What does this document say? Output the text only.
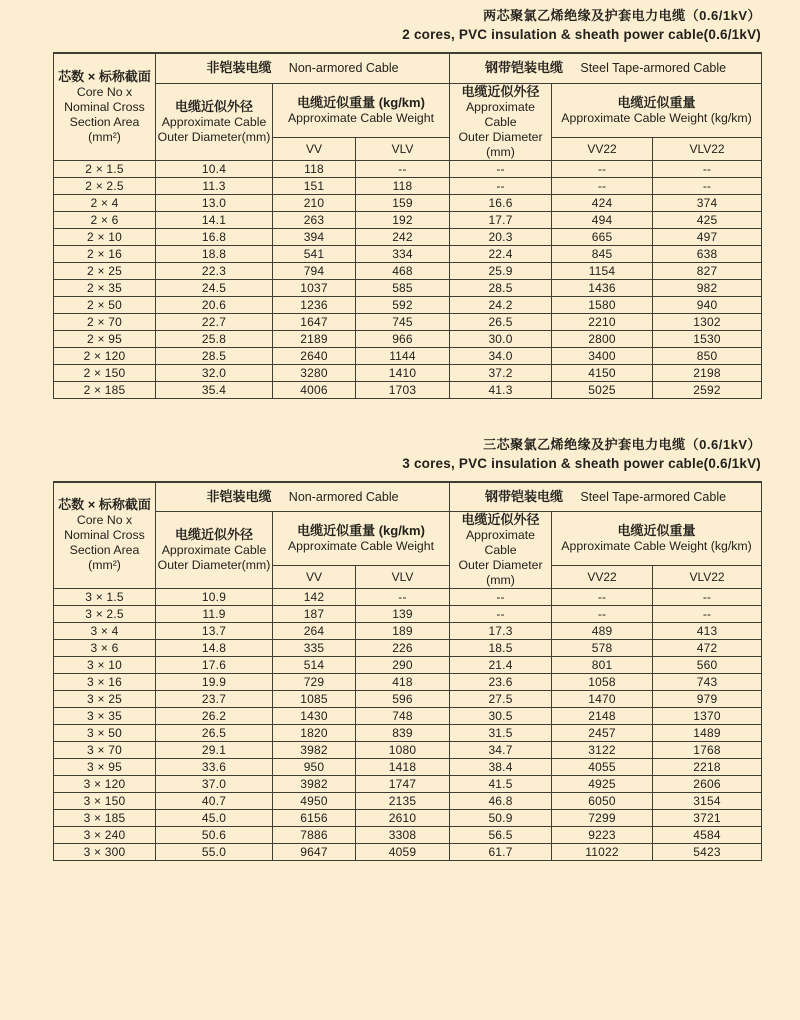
两芯聚氯乙烯绝缘及护套电力电缆（0.6/1kV）
2 cores, PVC insulation & sheath power cable(0.6/1kV)
芯数 × 标称截面
Core No x
Nominal Cross
Section Area
(mm²)	非铠装电缆 Non-armored Cable			钢带铠装电缆 Steel Tape-armored Cable		

电缆近似外径
Approximate Cable
Outer Diameter(mm)

电缆近似重量 (kg/km)
Approximate Cable Weight

电缆近似外径
Approximate Cable
Outer Diameter
(mm)

电缆近似重量
Approximate Cable Weight (kg/km)

		VV	VLV		VV22	VLV22
2 × 1.5	10.4	118	--	--	--	--
2 × 2.5	11.3	151	118	--	--	--
2 × 4	13.0	210	159	16.6	424	374
2 × 6	14.1	263	192	17.7	494	425
2 × 10	16.8	394	242	20.3	665	497
2 × 16	18.8	541	334	22.4	845	638
2 × 25	22.3	794	468	25.9	1154	827
2 × 35	24.5	1037	585	28.5	1436	982
2 × 50	20.6	1236	592	24.2	1580	940
2 × 70	22.7	1647	745	26.5	2210	1302
2 × 95	25.8	2189	966	30.0	2800	1530
2 × 120	28.5	2640	1144	34.0	3400	850
2 × 150	32.0	3280	1410	37.2	4150	2198
2 × 185	35.4	4006	1703	41.3	5025	2592
三芯聚氯乙烯绝缘及护套电力电缆（0.6/1kV）
3 cores, PVC insulation & sheath power cable(0.6/1kV)
芯数 × 标称截面
Core No x
Nominal Cross
Section Area
(mm²)	非铠装电缆 Non-armored Cable			钢带铠装电缆 Steel Tape-armored Cable		

电缆近似外径
Approximate Cable
Outer Diameter(mm)

电缆近似重量 (kg/km)
Approximate Cable Weight

电缆近似外径
Approximate Cable
Outer Diameter
(mm)

电缆近似重量
Approximate Cable Weight (kg/km)

		VV	VLV		VV22	VLV22
3 × 1.5	10.9	142	--	--	--	--
3 × 2.5	11.9	187	139	--	--	--
3 × 4	13.7	264	189	17.3	489	413
3 × 6	14.8	335	226	18.5	578	472
3 × 10	17.6	514	290	21.4	801	560
3 × 16	19.9	729	418	23.6	1058	743
3 × 25	23.7	1085	596	27.5	1470	979
3 × 35	26.2	1430	748	30.5	2148	1370
3 × 50	26.5	1820	839	31.5	2457	1489
3 × 70	29.1	3982	1080	34.7	3122	1768
3 × 95	33.6	950	1418	38.4	4055	2218
3 × 120	37.0	3982	1747	41.5	4925	2606
3 × 150	40.7	4950	2135	46.8	6050	3154
3 × 185	45.0	6156	2610	50.9	7299	3721
3 × 240	50.6	7886	3308	56.5	9223	4584
3 × 300	55.0	9647	4059	61.7	11022	5423
